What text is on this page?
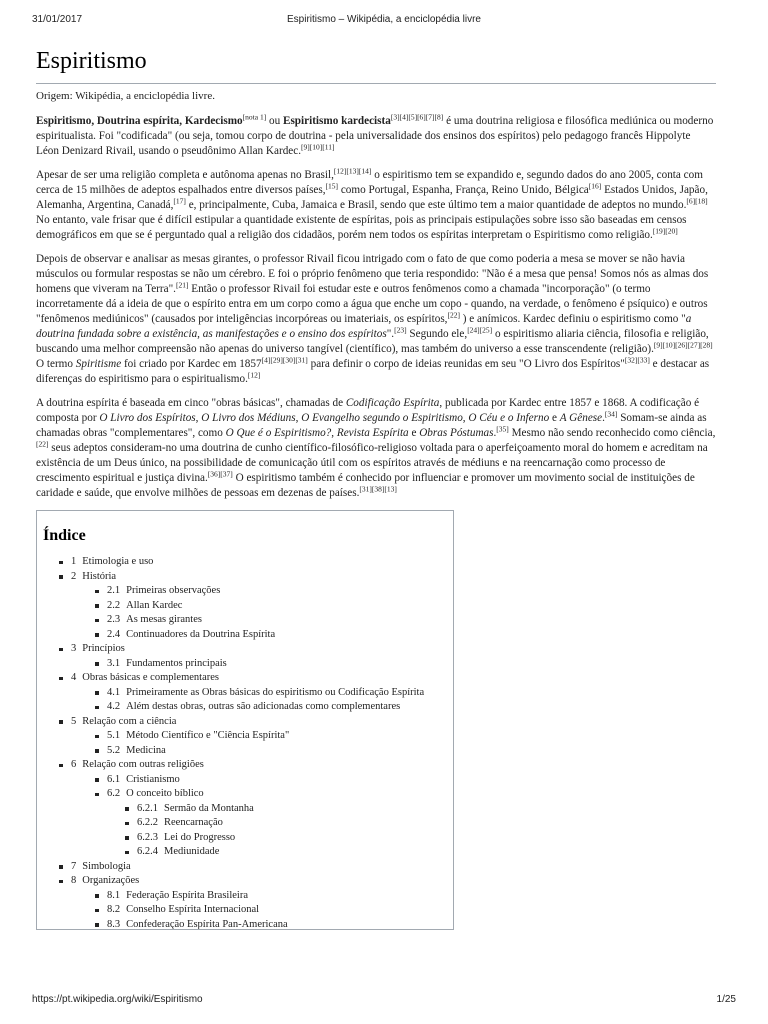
31/01/2017	Espiritismo – Wikipédia, a enciclopédia livre
Espiritismo
Origem: Wikipédia, a enciclopédia livre.

Espiritismo, Doutrina espírita, Kardecismo[nota 1] ou Espiritismo kardecista[3][4][5][6][7][8] é uma doutrina religiosa e filosófica mediúnica ou moderno espiritualista. Foi "codificada" (ou seja, tomou corpo de doutrina - pela universalidade dos ensinos dos espíritos) pelo pedagogo francês Hippolyte Léon Denizard Rivail, usando o pseudônimo Allan Kardec.[9][10][11]

Apesar de ser uma religião completa e autônoma apenas no Brasil,[12][13][14] o espiritismo tem se expandido e, segundo dados do ano 2005, conta com cerca de 15 milhões de adeptos espalhados entre diversos países,[15] como Portugal, Espanha, França, Reino Unido, Bélgica[16] Estados Unidos, Japão, Alemanha, Argentina, Canadá,[17] e, principalmente, Cuba, Jamaica e Brasil, sendo que este último tem a maior quantidade de adeptos no mundo.[6][18] No entanto, vale frisar que é difícil estipular a quantidade existente de espíritas, pois as principais estipulações sobre isso são baseadas em censos demográficos em que se é perguntado qual a religião dos cidadãos, porém nem todos os espíritas interpretam o Espiritismo como religião.[19][20]

Depois de observar e analisar as mesas girantes, o professor Rivail ficou intrigado com o fato de que como poderia a mesa se mover se não havia músculos ou formular respostas se não um cérebro. E foi o próprio fenômeno que teria respondido: "Não é a mesa que pensa! Somos nós as almas dos homens que viveram na Terra".[21] Então o professor Rivail foi estudar este e outros fenômenos como a chamada "incorporação" (o termo incorretamente dá a ideia de que o espírito entra em um corpo como a água que enche um copo - quando, na verdade, o fenômeno é psíquico) e outros "fenômenos mediúnicos" (causados por inteligências incorpóreas ou imateriais, os espíritos,[22] ) e anímicos. Kardec definiu o espiritismo como "a doutrina fundada sobre a existência, as manifestações e o ensino dos espíritos".[23] Segundo ele,[24][25] o espiritismo aliaria ciência, filosofia e religião, buscando uma melhor compreensão não apenas do universo tangível (científico), mas também do universo a esse transcendente (religião).[9][10][26][27][28] O termo Spiritisme foi criado por Kardec em 1857[4][29][30][31] para definir o corpo de ideias reunidas em seu "O Livro dos Espíritos"[32][33] e destacar as diferenças do espiritismo para o espiritualismo.[12]

A doutrina espírita é baseada em cinco "obras básicas", chamadas de Codificação Espírita, publicada por Kardec entre 1857 e 1868. A codificação é composta por O Livro dos Espíritos, O Livro dos Médiuns, O Evangelho segundo o Espiritismo, O Céu e o Inferno e A Gênese.[34] Somam-se ainda as chamadas obras "complementares", como O Que é o Espiritismo?, Revista Espírita e Obras Póstumas.[35] Mesmo não sendo reconhecido como ciência,[22] seus adeptos consideram-no uma doutrina de cunho científico-filosófico-religioso voltada para o aperfeiçoamento moral do homem e acreditam na existência de um Deus único, na possibilidade de comunicação útil com os espíritos através de médiuns e na reencarnação como processo de crescimento espiritual e justiça divina.[36][37] O espiritismo também é conhecido por influenciar e promover um movimento social de instituições de caridade e saúde, que envolve milhões de pessoas em dezenas de países.[31][38][13]

Índice
1 Etimologia e uso
2 História
2.1 Primeiras observações
2.2 Allan Kardec
2.3 As mesas girantes
2.4 Continuadores da Doutrina Espírita
3 Princípios
3.1 Fundamentos principais
4 Obras básicas e complementares
4.1 Primeiramente as Obras básicas do espiritismo ou Codificação Espírita
4.2 Além destas obras, outras são adicionadas como complementares
5 Relação com a ciência
5.1 Método Científico e "Ciência Espírita"
5.2 Medicina
6 Relação com outras religiões
6.1 Cristianismo
6.2 O conceito bíblico
6.2.1 Sermão da Montanha
6.2.2 Reencarnação
6.2.3 Lei do Progresso
6.2.4 Mediunidade
7 Simbologia
8 Organizações
8.1 Federação Espírita Brasileira
8.2 Conselho Espírita Internacional
8.3 Confederação Espírita Pan-Americana
https://pt.wikipedia.org/wiki/Espiritismo	1/25
